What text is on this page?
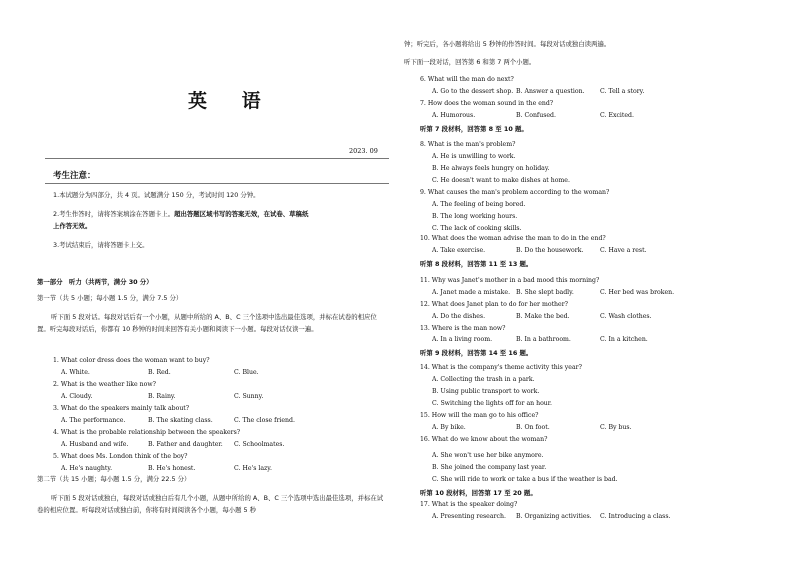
英 语
2023. 09
考生注意：
1.本试题分为四部分，共 4 页。试题满分 150 分，考试时间 120 分钟。
2.考生作答时，请将答案填涂在答题卡上。超出答题区域书写的答案无效，在试卷、草稿纸
上作答无效。
3.考试结束后，请将答题卡上交。
第一部分　听力（共两节，满分 30 分）
第一节（共 5 小题；每小题 1.5 分，满分 7.5 分）
听下面 5 段对话。每段对话后有一个小题，从题中所给的 A、B、C 三个选项中选出最佳选项，并标在试卷的相应位置。听完每段对话后，你都有 10 秒钟的时间来回答有关小题和阅读下一小题。每段对话仅读一遍。
1. What color dress does the woman want to buy?
A. White.	B. Red.	C. Blue.
2. What is the weather like now?
A. Cloudy.	B. Rainy.	C. Sunny.
3. What do the speakers mainly talk about?
A. The performance.	B. The skating class.	C. The close friend.
4. What is the probable relationship between the speakers?
A. Husband and wife.	B. Father and daughter. C. Schoolmates.
5. What does Ms. London think of the boy?
A. He's naughty.	B. He's honest.	C. He's lazy.
第二节（共 15 小题；每小题 1.5 分，满分 22.5 分）
听下面 5 段对话或独白，每段对话或独白后有几个小题，从题中所给的 A、B、C 三个选项中选出最佳选项，并标在试卷的相应位置。听每段对话或独白前，你将有时间阅读各个小题，每小题 5 秒
钟；听完后，各小题将给出 5 秒钟的作答时间。每段对话或独白读两遍。
听下面一段对话，回答第 6 和第 7 两个小题。
6. What will the man do next?
A. Go to the dessert shop. B. Answer a question. C. Tell a story.
7. How does the woman sound in the end?
A. Humorous.	B. Confused.	C. Excited.
听第 7 段材料，回答第 8 至 10 题。
8. What is the man's problem?
A. He is unwilling to work.
B. He always feels hungry on holiday.
C. He doesn't want to make dishes at home.
9. What causes the man's problem according to the woman?
A. The feeling of being bored.
B. The long working hours.
C. The lack of cooking skills.
10. What does the woman advise the man to do in the end?
A. Take exercise.	B. Do the housework.	C. Have a rest.
听第 8 段材料，回答第 11 至 13 题。
11. Why was Janet's mother in a bad mood this morning?
A. Janet made a mistake. B. She slept badly.	C. Her bed was broken.
12. What does Janet plan to do for her mother?
A. Do the dishes.	B. Make the bed.	C. Wash clothes.
13. Where is the man now?
A. In a living room.	B. In a bathroom.	C. In a kitchen.
听第 9 段材料，回答第 14 至 16 题。
14. What is the company's theme activity this year?
A. Collecting the trash in a park.
B. Using public transport to work.
C. Switching the lights off for an hour.
15. How will the man go to his office?
A. By bike.	B. On foot.	C. By bus.
16. What do we know about the woman?
A. She won't use her bike anymore.
B. She joined the company last year.
C. She will ride to work or take a bus if the weather is bad.
听第 10 段材料，回答第 17 至 20 题。
17. What is the speaker doing?
A. Presenting research. B. Organizing activities. C. Introducing a class.
